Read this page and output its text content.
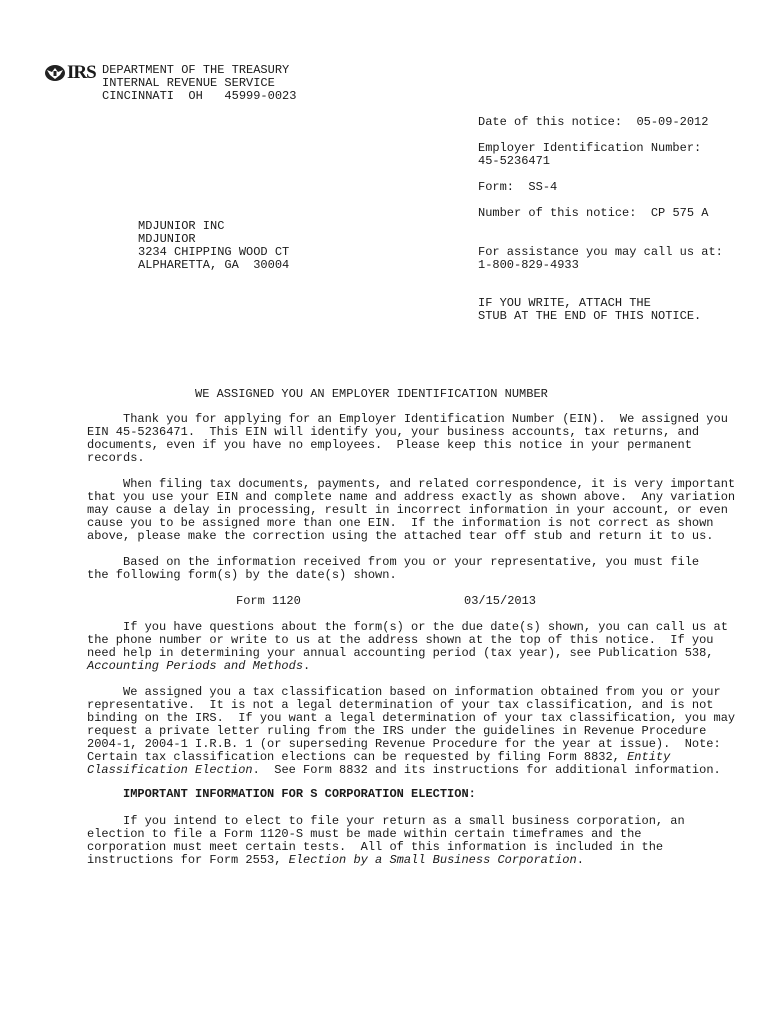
IRS DEPARTMENT OF THE TREASURY
INTERNAL REVENUE SERVICE
CINCINNATI  OH   45999-0023
Date of this notice: 05-09-2012
Employer Identification Number:
45-5236471
Form: SS-4
Number of this notice: CP 575 A
For assistance you may call us at:
1-800-829-4933
IF YOU WRITE, ATTACH THE
STUB AT THE END OF THIS NOTICE.
MDJUNIOR INC
MDJUNIOR
3234 CHIPPING WOOD CT
ALPHARETTA, GA  30004
WE ASSIGNED YOU AN EMPLOYER IDENTIFICATION NUMBER
Thank you for applying for an Employer Identification Number (EIN).  We assigned you
EIN 45-5236471.  This EIN will identify you, your business accounts, tax returns, and
documents, even if you have no employees.  Please keep this notice in your permanent
records.
When filing tax documents, payments, and related correspondence, it is very important
that you use your EIN and complete name and address exactly as shown above.  Any variation
may cause a delay in processing, result in incorrect information in your account, or even
cause you to be assigned more than one EIN.  If the information is not correct as shown
above, please make the correction using the attached tear off stub and return it to us.
Based on the information received from you or your representative, you must file
the following form(s) by the date(s) shown.
Form 1120	03/15/2013
If you have questions about the form(s) or the due date(s) shown, you can call us at
the phone number or write to us at the address shown at the top of this notice.  If you
need help in determining your annual accounting period (tax year), see Publication 538,
Accounting Periods and Methods.
We assigned you a tax classification based on information obtained from you or your
representative.  It is not a legal determination of your tax classification, and is not
binding on the IRS.  If you want a legal determination of your tax classification, you may
request a private letter ruling from the IRS under the guidelines in Revenue Procedure
2004-1, 2004-1 I.R.B. 1 (or superseding Revenue Procedure for the year at issue).  Note:
Certain tax classification elections can be requested by filing Form 8832, Entity
Classification Election.  See Form 8832 and its instructions for additional information.
IMPORTANT INFORMATION FOR S CORPORATION ELECTION:
If you intend to elect to file your return as a small business corporation, an
election to file a Form 1120-S must be made within certain timeframes and the
corporation must meet certain tests.  All of this information is included in the
instructions for Form 2553, Election by a Small Business Corporation.
